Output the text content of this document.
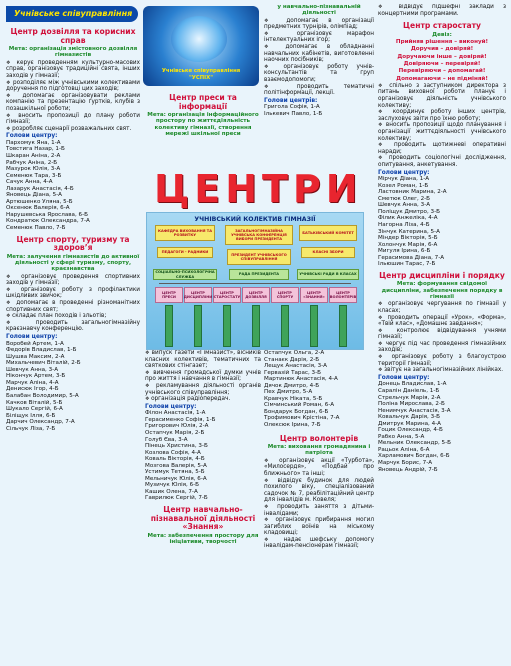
Учнівське співуправління
Учнівське співуправління
"УСПІХ"
Центр дозвілля та корисних справ
Мета: організація змістовного дозвілля гімназистів
❖ керує проведенням культурно-масових справ, організовує традиційні свята, інших заходів у гімназії;
❖ розподіляє між учнівськими колективами доручення по підготовці цих заходів;
❖ допомагає організовувати реклами компанію та презентацію гуртків, клубів з позашкільної роботи;
❖ вносить пропозиції до плану роботи гімназії;
❖ розробляє сценарії розважальних свят.
Голови центру:
Пархомук Яна, 1-А
Товстига Назар, 1-Б
Шкаран Аніна, 2-А
Рабчук Аніна, 2-Б
Мазурок Юлія, 3-А
Семенюк Тара, 3-Б
Сачук Анна, 4-А
Лазарук Анастасія, 4-Б
Яновець Діана, 5-А
Артюшенко Уляна, 5-Б
Оксенюк Валерія, 6-А
Нарушевська Ярослава, 6-Б
Кондратюк Олександра, 7-А
Семенюк Павло, 7-Б
Центр спорту, туризму та здоров’я
Мета: залучення гімназистів до активної діяльності у сфері туризму, спорту, краєзнавства
❖ організовує проведення спортивних заходів у гімназії;
❖ організовує роботу з профілактики шкідливих звичок;
❖ допомагає в проведенні різноманітних спортивних свят;
❖ складає план походів і зльотів;
❖ проводить загальногімназійну краєзнавчу конференцію.
Голови центру:
Воробей Артем, 1-А
Федорів Владислав, 1-Б
Шушва Максим, 2-А
Михальчевич Віталій, 2-Б
Шевчук Анна, 3-А
Нікончук Артем, 3-Б
Марчук Аліна, 4-А
Денисюк Ігор, 4-Б
Балабан Володимир, 5-А
Качков Віталій, 5-Б
Шукало Сергій, 6-А
Біліщук Ілля, 6-Б
Дарчич Олександр, 7-А
Сільчук Ліза, 7-Б
Центр преси та інформації
Мета: організація інформаційного простору по життєдіяльність колективу гімназії, створення мережі шкільної преси
у навчально-пізнавальній діяльності
❖ допомагає в організації предметних турнірів, олімпіад;
❖ організовує марафон інтелектуальних ігор;
❖ допомагає в обладнанні навчальних кабінетів, виготовленні наочних посібників;
❖ організовує роботу учнів-консультантів та груп взаємодопомоги;
❖ проводить тематичні політінформації, лекції.
Голови центрів:
Григола Софія, 1-А
Ількевич Павло, 1-Б
ЦЕНТРИ
УЧНІВСЬКИЙ КОЛЕКТИВ ГІМНАЗІЇ
КАФЕДРА ВИХОВАННЯ ТА РОЗВИТКУ
ЗАГАЛЬНОГІМНАЗІЙНА УЧНІВСЬКА КОНФЕРЕНЦІЯ ВИБОРИ ПРЕЗИДЕНТА
БАТЬКІВСЬКИЙ КОМІТЕТ
ПЕДАГОГИ - РАДНИКИ
ПРЕЗИДЕНТ УЧНІВСЬКОГО СПІВУПРАВЛІННЯ
КЛАСНІ ЗБОРИ
СОЦІАЛЬНО-ПСИХОЛОГІЧНА СЛУЖБА
РАДА ПРЕЗИДЕНТА	УЧНІВСЬКІ РАДИ В КЛАСАХ
ЦЕНТР ПРЕСИ
ЦЕНТР ДИСЦИПЛІНИ
ЦЕНТР СТАРОСТАТУ
ЦЕНТР ДОЗВІЛЛЯ
ЦЕНТР СПОРТУ
ЦЕНТР «ЗНАННЯ»
ЦЕНТР ВОЛОНТЕРІВ
❖ випуск газети «Гімназист», вісників класних колективів, тематичних та святкових стінгазет;
❖ вивчення громадської думки учнів про життя і навчання в гімназії;
❖ рекламування діяльності органів учнівського співуправління;
❖ організація радіопередач.
Голови центру:
Філон Анастасія, 1-А
Герасименко Софія, 1-Б
Григорович Юлія, 2-А
Остапчук Марія, 2-Б
Голуб Єва, 3-А
Пінець Христина, 3-Б
Козлова Софія, 4-А
Коваль Вікторія, 4-Б
Мозгова Валерія, 5-А
Устимук Тетяна, 5-Б
Мельничук Юлія, 6-А
Музичук Юлія, 6-Б
Кашик Олена, 7-А
Гаврилюк Сергій, 7-Б
Центр навчально-пізнавальної діяльності «Знання»
Мета: забезпечення простору для ініціативи, творчості
Остапчук Ольга, 2-А
Станаєк Дарія, 2-Б
Лещук Анастасія, 3-А
Гервазій Тарас, 3-Б
Мартинюк Анастасія, 4-А
Дячок Дмитро, 4-Б
Пех Дмитро, 5-А
Кравчук Ніката, 5-Б
Сімчинський Роман, 6-А
Бондарук Богдан, 6-Б
Трофимович Крістіна, 7-А
Олексюк Ірина, 7-Б
Центр волонтерів
Мета: виховання громадянина і патріота
❖ організовує акції «Турбота», «Милосердя», «Подбай про ближнього» та інші;
❖ відвідує будинок для людей похилого віку, спеціалізований садочок № 7, реабілітаційний центр для інвалідів м. Ковеля;
❖ проводить заняття з дітьми-інвалідами;
❖ організовує прибирання могил загиблих воїнів на міському кладовищі;
❖ надає шефську допомогу інвалідам-пенсіонерам гімназії;
❖ відвідує підшефні заклади з концертними програмами.
Центр старостату
Девіз:
Прийняв рішення – виконуй!
Доручив – довіряй!
Доручаючи інше – довіряй!
Довіряючи – перевіряй!
Перевіряючи – допомагай!
Допомагаючи – не підміняй!
❖ спільно з заступником директора з питань виховної роботи планує і організовує діяльність учнівського колективу;
❖ координує роботу інших центрів, заслуховує звіти про їхню роботу;
❖ вносить пропозиції щодо планування і організації життєдіяльності учнівського колективу;
❖ проводить щотижневі оперативні наради;
❖ проводить соціологічні дослідження, опитування, анкетування.
Голови центру:
Мірчук Діана, 1-А
Козел Роман, 1-Б
Ластовник Марина, 2-А
Сметюк Олег, 2-Б
Шевчук Анна, 3-А
Поліщук Дмитро, 3-Б
Філик Анжеліка, 4-А
Нагорна Ліза, 4-Б
Зінчук Катерина, 5-А
Міндер Вікторія, 5-Б
Холончук Марія, 6-А
Мигуля Ірина, 6-Б
Герасимова Діана, 7-А
Ільюшин Тарас, 7-Б
Центр дисципліни і порядку
Мета: формування свідомої дисципліни, забезпечення порядку в гімназії
❖ організовує чергування по гімназії у класах;
❖ проводить операції «Урок», «Форма», «Твій клас», «Домашнє завдання»;
❖ контролює відвідування учнями гімназії;
❖ чергує під час проведення гімназійних заходів;
❖ організовує роботу з благоустрою території гімназії;
❖ звітує на загальногімназійних лінійках.
Голови центру:
Донець Владислав, 1-А
Саралін Даніель, 1-Б
Стрельчук Марія, 2-А
Поліна Мирослава, 2-Б
Ненимчук Анастасія, 3-А
Ковальчук Дарія, 3-Б
Дмитрук Марина, 4-А
Гоцик Олександр, 4-Б
Рабко Анна, 5-А
Мельник Олександр, 5-Б
Рацьок Аліна, 6-А
Харламович Богдан, 6-Б
Марчук Борис, 7-А
Яновець Андрій, 7-Б
